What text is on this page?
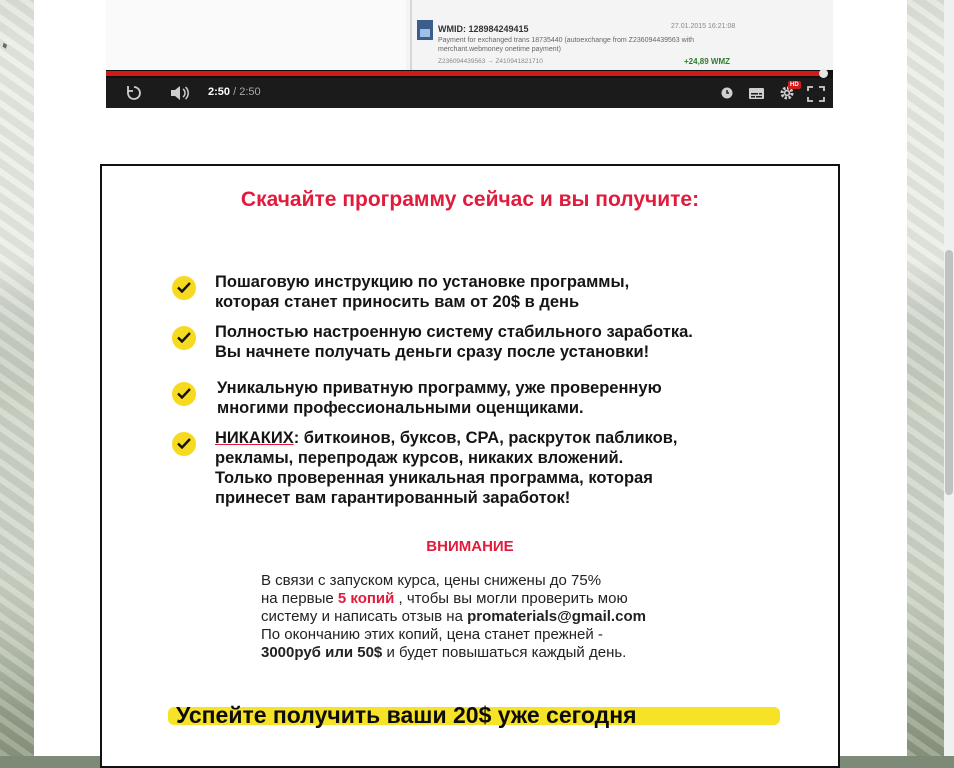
♦
WMID: 128984249415	27.01.2015 16:21:08
Payment for exchanged trans 18735440 (autoexchange from Z236094439563 with merchant.webmoney onetime payment)
Z236094439563 → Z410941821710	+24,89 WMZ
2:50 / 2:50
HD
Скачайте программу сейчас и вы получите:
Пошаговую инструкцию по установке программы,
которая станет приносить вам от 20$ в день
Полностью настроенную систему стабильного заработка.
Вы начнете получать деньги сразу после установки!
Уникальную приватную программу, уже проверенную
многими профессиональными оценщиками.
НИКАКИХ: биткоинов, буксов, CPA, раскруток пабликов,
рекламы, перепродаж курсов, никаких вложений.
Только проверенная уникальная программа, которая
принесет вам гарантированный заработок!
ВНИМАНИЕ
В связи с запуском курса, цены снижены до 75%
на первые 5 копий , чтобы вы могли проверить мою
систему и написать отзыв на promaterials@gmail.com
По окончанию этих копий, цена станет прежней -
3000руб или 50$ и будет повышаться каждый день.
Успейте получить ваши 20$ уже сегодня
